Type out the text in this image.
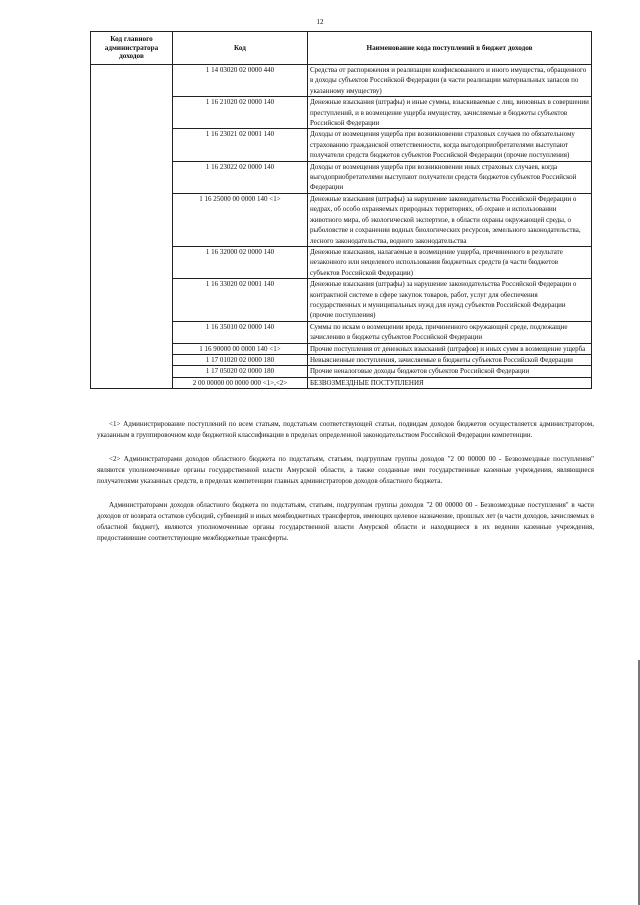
12
Код главного администратора доходов	Код	Наименование кода поступлений в бюджет доходов
	1 14 03020 02 0000 440	Средства от распоряжения и реализации конфискованного и иного имущества, обращенного в доходы субъектов Российской Федерации (в части реализации материальных запасов по указанному имуществу)
	1 16 21020 02 0000 140	Денежные взыскания (штрафы) и иные суммы, взыскиваемые с лиц, виновных в совершении преступлений, и в возмещение ущерба имуществу, зачисляемые в бюджеты субъектов Российской Федерации
	1 16 23021 02 0001 140	Доходы от возмещения ущерба при возникновении страховых случаев по обязательному страхованию гражданской ответственности, когда выгодоприобретателями выступают получатели средств бюджетов субъектов Российской Федерации (прочие поступления)
	1 16 23022 02 0000 140	Доходы от возмещения ущерба при возникновении иных страховых случаев, когда выгодоприобретателями выступают получатели средств бюджетов субъектов Российской Федерации
	1 16 25000 00 0000 140 <1>	Денежные взыскания (штрафы) за нарушение законодательства Российской Федерации о недрах, об особо охраняемых природных территориях, об охране и использовании животного мира, об экологической экспертизе, в области охраны окружающей среды, о рыболовстве и сохранении водных биологических ресурсов, земельного законодательства, лесного законодательства, водного законодательства
	1 16 32000 02 0000 140	Денежные взыскания, налагаемые в возмещение ущерба, причиненного в результате незаконного или нецелевого использования бюджетных средств (в части бюджетов субъектов Российской Федерации)
	1 16 33020 02 0001 140	Денежные взыскания (штрафы) за нарушение законодательства Российской Федерации о контрактной системе в сфере закупок товаров, работ, услуг для обеспечения государственных и муниципальных нужд для нужд субъектов Российской Федерации (прочие поступления)
	1 16 35010 02 0000 140	Суммы по искам о возмещении вреда, причиненного окружающей среде, подлежащие зачислению в бюджеты субъектов Российской Федерации
	1 16 90000 00 0000 140 <1>	Прочие поступления от денежных взысканий (штрафов) и иных сумм в возмещение ущерба
	1 17 01020 02 0000 180	Невыясненные поступления, зачисляемые в бюджеты субъектов Российской Федерации
	1 17 05020 02 0000 180	Прочие неналоговые доходы бюджетов субъектов Российской Федерации
	2 00 00000 00 0000 000 <1>,<2>	БЕЗВОЗМЕЗДНЫЕ ПОСТУПЛЕНИЯ

<1> Администрирование поступлений по всем статьям, подстатьям соответствующей статьи, подвидам доходов бюджетов осуществляется администратором, указанным в группировочном коде бюджетной классификации в пределах определенной законодательством Российской Федерации компетенции.

<2> Администраторами доходов областного бюджета по подстатьям, статьям, подгруппам группы доходов "2 00 00000 00 - Безвозмездные поступления" являются уполномоченные органы государственной власти Амурской области, а также созданные ими государственные казенные учреждения, являющиеся получателями указанных средств, в пределах компетенции главных администраторов доходов областного бюджета.

Администраторами доходов областного бюджета по подстатьям, статьям, подгруппам группы доходов "2 00 00000 00 - Безвозмездные поступления" в части доходов от возврата остатков субсидий, субвенций и иных межбюджетных трансфертов, имеющих целевое назначение, прошлых лет (в части доходов, зачисляемых в областной бюджет), являются уполномоченные органы государственной власти Амурской области и находящиеся в их ведении казенные учреждения, предоставившие соответствующие межбюджетные трансферты.
